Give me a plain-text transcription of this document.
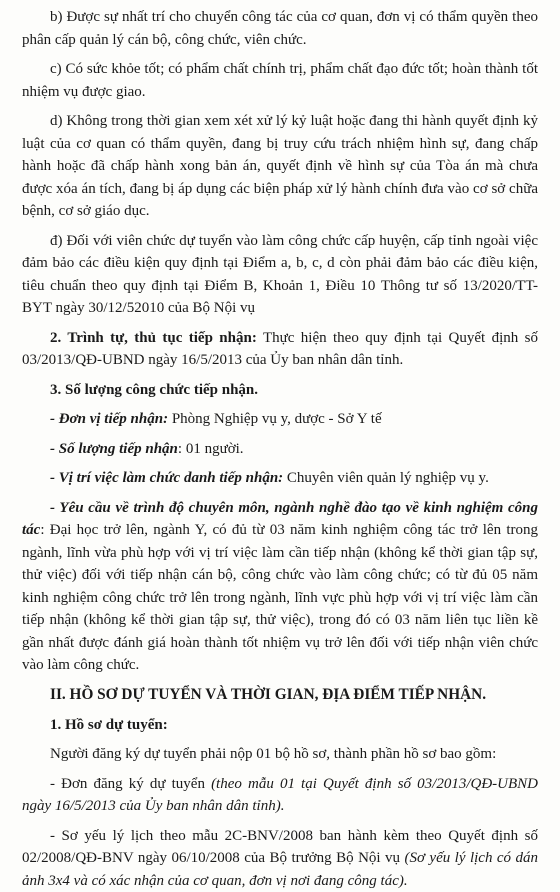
b) Được sự nhất trí cho chuyển công tác của cơ quan, đơn vị có thẩm quyền theo phân cấp quản lý cán bộ, công chức, viên chức.

c) Có sức khỏe tốt; có phẩm chất chính trị, phẩm chất đạo đức tốt; hoàn thành tốt nhiệm vụ được giao.

d) Không trong thời gian xem xét xử lý kỷ luật hoặc đang thi hành quyết định kỷ luật của cơ quan có thẩm quyền, đang bị truy cứu trách nhiệm hình sự, đang chấp hành hoặc đã chấp hành xong bản án, quyết định về hình sự của Tòa án mà chưa được xóa án tích, đang bị áp dụng các biện pháp xử lý hành chính đưa vào cơ sở chữa bệnh, cơ sở giáo dục.

đ) Đối với viên chức dự tuyển vào làm công chức cấp huyện, cấp tỉnh ngoài việc đảm bảo các điều kiện quy định tại Điểm a, b, c, d còn phải đảm bảo các điều kiện, tiêu chuẩn theo quy định tại Điểm B, Khoản 1, Điều 10 Thông tư số 13/2020/TT-BYT ngày 30/12/52010 của Bộ Nội vụ

2. Trình tự, thủ tục tiếp nhận: Thực hiện theo quy định tại Quyết định số 03/2013/QĐ-UBND ngày 16/5/2013 của Ủy ban nhân dân tỉnh.

3. Số lượng công chức tiếp nhận.

- Đơn vị tiếp nhận: Phòng Nghiệp vụ y, dược - Sở Y tế

- Số lượng tiếp nhận: 01 người.

- Vị trí việc làm chức danh tiếp nhận: Chuyên viên quản lý nghiệp vụ y.

- Yêu cầu về trình độ chuyên môn, ngành nghề đào tạo về kinh nghiệm công tác: Đại học trở lên, ngành Y, có đủ từ 03 năm kinh nghiệm công tác trở lên trong ngành, lĩnh vừa phù hợp với vị trí việc làm cần tiếp nhận (không kể thời gian tập sự, thử việc) đối với tiếp nhận cán bộ, công chức vào làm công chức; có từ đủ 05 năm kinh nghiệm công chức trở lên trong ngành, lĩnh vực phù hợp với vị trí việc làm cần tiếp nhận (không kể thời gian tập sự, thử việc), trong đó có 03 năm liên tục liền kề gần nhất được đánh giá hoàn thành tốt nhiệm vụ trở lên đối với tiếp nhận viên chức vào làm công chức.

II. HỒ SƠ DỰ TUYỂN VÀ THỜI GIAN, ĐỊA ĐIỂM TIẾP NHẬN.

1. Hồ sơ dự tuyển:

Người đăng ký dự tuyển phải nộp 01 bộ hồ sơ, thành phần hồ sơ bao gồm:

- Đơn đăng ký dự tuyển (theo mẫu 01 tại Quyết định số 03/2013/QĐ-UBND ngày 16/5/2013 của Ủy ban nhân dân tỉnh).

- Sơ yếu lý lịch theo mẫu 2C-BNV/2008 ban hành kèm theo Quyết định số 02/2008/QĐ-BNV ngày 06/10/2008 của Bộ trưởng Bộ Nội vụ (Sơ yếu lý lịch có dán ảnh 3x4 và có xác nhận của cơ quan, đơn vị nơi đang công tác).
